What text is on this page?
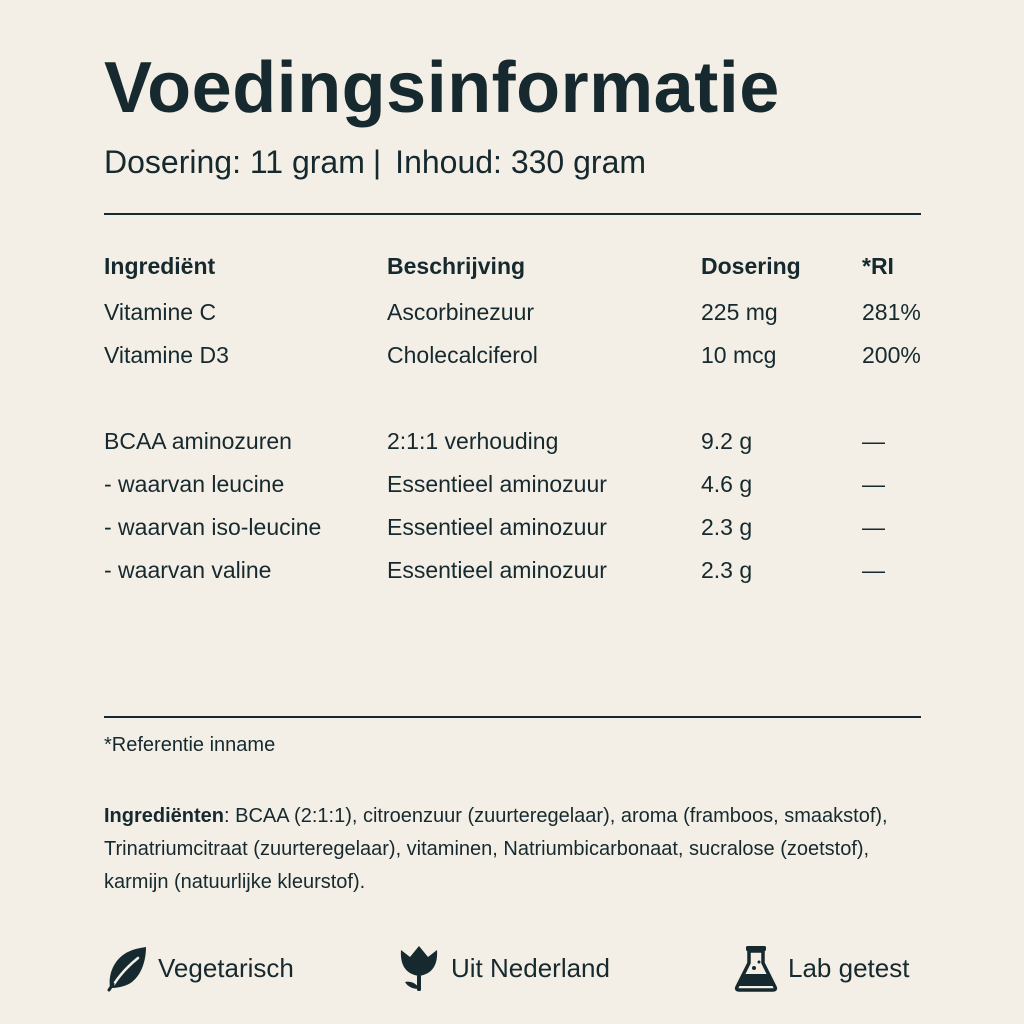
Voedingsinformatie
Dosering: 11 gram | Inhoud: 330 gram
Ingrediënt	Beschrijving	Dosering	*RI
Vitamine C	Ascorbinezuur	225 mg	281%
Vitamine D3	Cholecalciferol	10 mcg	200%
BCAA aminozuren	2:1:1 verhouding	9.2 g	—
- waarvan leucine	Essentieel aminozuur	4.6 g	—
- waarvan iso-leucine	Essentieel aminozuur	2.3 g	—
- waarvan valine	Essentieel aminozuur	2.3 g	—
*Referentie inname
Ingrediënten: BCAA (2:1:1), citroenzuur (zuurteregelaar), aroma (framboos, smaakstof), Trinatriumcitraat (zuurteregelaar), vitaminen, Natriumbicarbonaat, sucralose (zoetstof), karmijn (natuurlijke kleurstof).
Vegetarisch	Uit Nederland	Lab getest
